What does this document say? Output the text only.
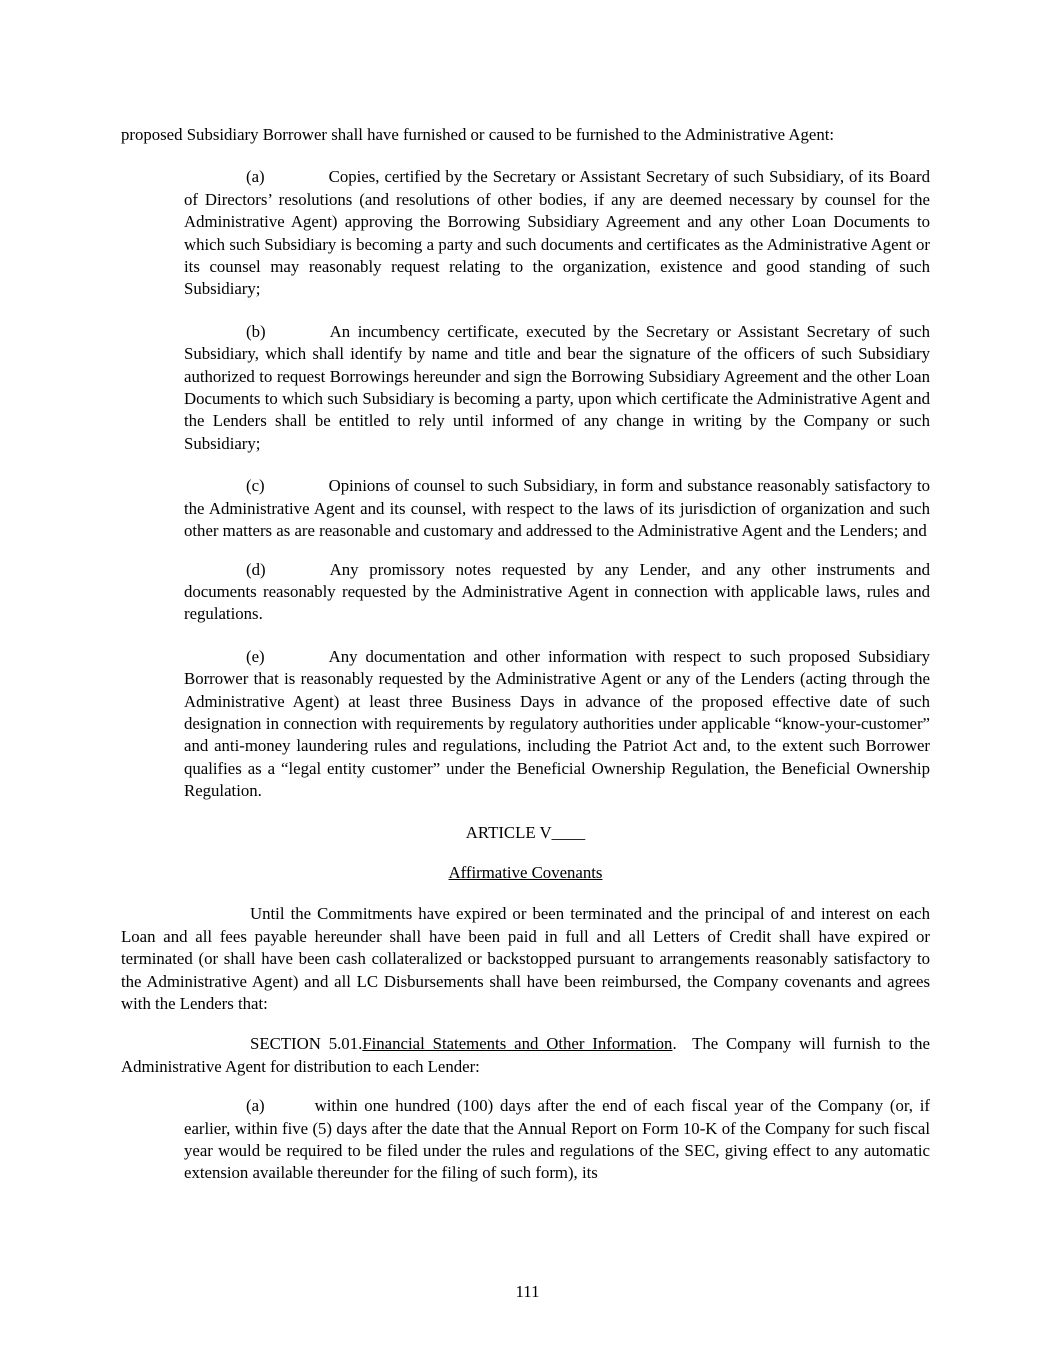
proposed Subsidiary Borrower shall have furnished or caused to be furnished to the Administrative Agent:

(a)	Copies, certified by the Secretary or Assistant Secretary of such Subsidiary, of its Board of Directors’ resolutions (and resolutions of other bodies, if any are deemed necessary by counsel for the Administrative Agent) approving the Borrowing Subsidiary Agreement and any other Loan Documents to which such Subsidiary is becoming a party and such documents and certificates as the Administrative Agent or its counsel may reasonably request relating to the organization, existence and good standing of such Subsidiary;

(b)	An incumbency certificate, executed by the Secretary or Assistant Secretary of such Subsidiary, which shall identify by name and title and bear the signature of the officers of such Subsidiary authorized to request Borrowings hereunder and sign the Borrowing Subsidiary Agreement and the other Loan Documents to which such Subsidiary is becoming a party, upon which certificate the Administrative Agent and the Lenders shall be entitled to rely until informed of any change in writing by the Company or such Subsidiary;

(c)	Opinions of counsel to such Subsidiary, in form and substance reasonably satisfactory to the Administrative Agent and its counsel, with respect to the laws of its jurisdiction of organization and such other matters as are reasonable and customary and addressed to the Administrative Agent and the Lenders; and

(d)	Any promissory notes requested by any Lender, and any other instruments and documents reasonably requested by the Administrative Agent in connection with applicable laws, rules and regulations.

(e)	Any documentation and other information with respect to such proposed Subsidiary Borrower that is reasonably requested by the Administrative Agent or any of the Lenders (acting through the Administrative Agent) at least three Business Days in advance of the proposed effective date of such designation in connection with requirements by regulatory authorities under applicable “know-your-customer” and anti-money laundering rules and regulations, including the Patriot Act and, to the extent such Borrower qualifies as a “legal entity customer” under the Beneficial Ownership Regulation, the Beneficial Ownership Regulation.

ARTICLE V____

Affirmative Covenants

Until the Commitments have expired or been terminated and the principal of and interest on each Loan and all fees payable hereunder shall have been paid in full and all Letters of Credit shall have expired or terminated (or shall have been cash collateralized or backstopped pursuant to arrangements reasonably satisfactory to the Administrative Agent) and all LC Disbursements shall have been reimbursed, the Company covenants and agrees with the Lenders that:

SECTION 5.01.Financial Statements and Other Information.  The Company will furnish to the Administrative Agent for distribution to each Lender:

(a)	within one hundred (100) days after the end of each fiscal year of the Company (or, if earlier, within five (5) days after the date that the Annual Report on Form 10-K of the Company for such fiscal year would be required to be filed under the rules and regulations of the SEC, giving effect to any automatic extension available thereunder for the filing of such form), its

111
